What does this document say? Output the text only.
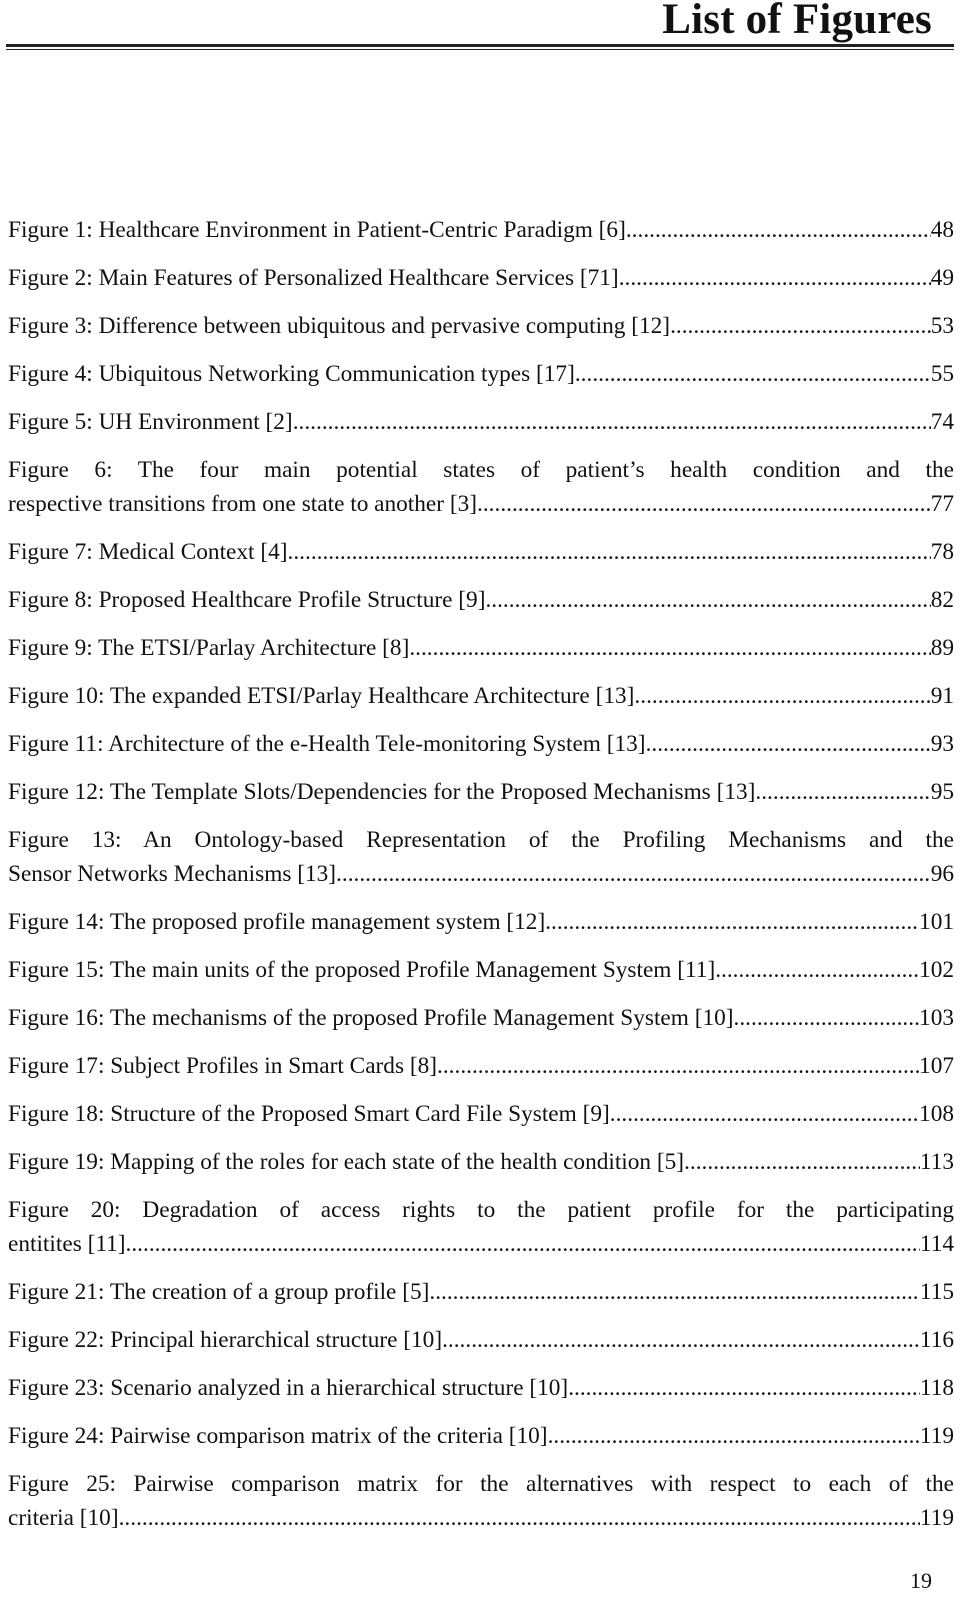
List of Figures
Figure 1: Healthcare Environment in Patient-Centric Paradigm [6] .....	48
Figure 2: Main Features of Personalized Healthcare Services [71] .....	49
Figure 3: Difference between ubiquitous and pervasive computing [12] .....	53
Figure 4: Ubiquitous Networking Communication types [17] .....	55
Figure 5: UH Environment [2] .....	74
Figure 6: The four main potential states of patient’s health condition and the
respective transitions from one state to another [3] .....	77
Figure 7: Medical Context [4] .....	78
Figure 8: Proposed Healthcare Profile Structure [9] .....	82
Figure 9: The ETSI/Parlay Architecture [8] .....	89
Figure 10: The expanded ETSI/Parlay Healthcare Architecture [13] .....	91
Figure 11: Architecture of the e-Health Tele-monitoring System [13] .....	93
Figure 12: The Template Slots/Dependencies for the Proposed Mechanisms [13] .....	95
Figure 13: An Ontology-based Representation of the Profiling Mechanisms and the
Sensor Networks Mechanisms [13] .....	96
Figure 14: The proposed profile management system [12] .....	101
Figure 15: The main units of the proposed Profile Management System [11] .....	102
Figure 16: The mechanisms of the proposed Profile Management System [10] .....	103
Figure 17: Subject Profiles in Smart Cards [8] .....	107
Figure 18: Structure of the Proposed Smart Card File System [9] .....	108
Figure 19: Mapping of the roles for each state of the health condition [5] .....	113
Figure 20: Degradation of access rights to the patient profile for the participating
entitites [11] .....	114
Figure 21: The creation of a group profile [5] .....	115
Figure 22: Principal hierarchical structure [10] .....	116
Figure 23: Scenario analyzed in a hierarchical structure [10] .....	118
Figure 24: Pairwise comparison matrix of the criteria [10] .....	119
Figure 25: Pairwise comparison matrix for the alternatives with respect to each of the
criteria [10] .....	119
19
